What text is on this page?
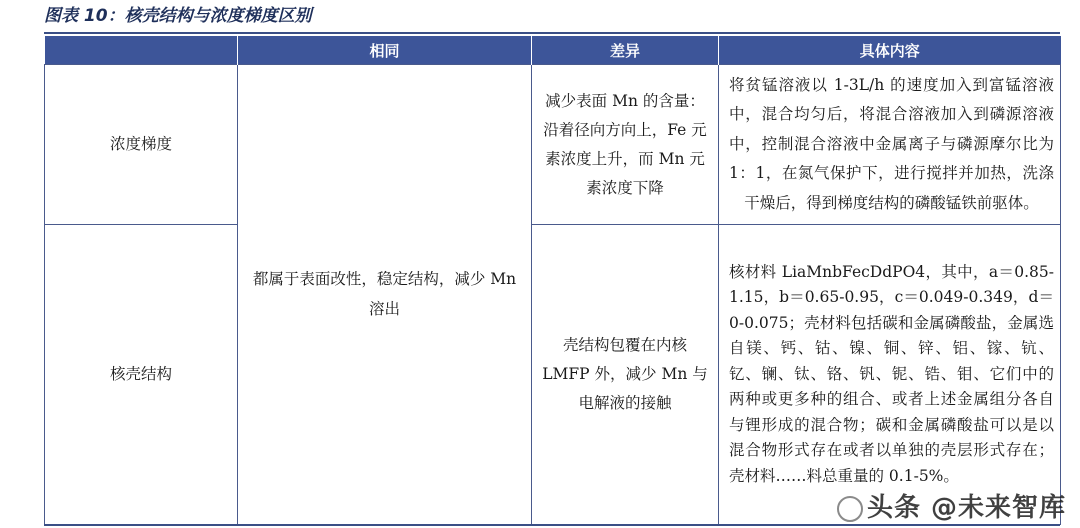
图表 10：核壳结构与浓度梯度区别
	相同	差异	具体内容
浓度梯度	都属于表面改性，稳定结构，减少 Mn 溶出	减少表面 Mn 的含量：沿着径向方向上，Fe 元素浓度上升，而 Mn 元素浓度下降	将贫锰溶液以 1-3L/h 的速度加入到富锰溶液中，混合均匀后，将混合溶液加入到磷源溶液中，控制混合溶液中金属离子与磷源摩尔比为 1：1，在氮气保护下，进行搅拌并加热，洗涤干燥后，得到梯度结构的磷酸锰铁前驱体。

核壳结构		壳结构包覆在内核 LMFP 外，减少 Mn 与电解液的接触	核材料 LiaMnbFecDdPO4，其中，a＝0.85-1.15，b＝0.65-0.95，c＝0.049-0.349，d＝0-0.075；壳材料包括碳和金属磷酸盐，金属选自镁、钙、钴、镍、铜、锌、铝、镓、钪、钇、镧、钛、铬、钒、铌、锆、钼、它们中的两种或更多种的组合、或者上述金属组分各自与锂形成的混合物；碳和金属磷酸盐可以是以混合物形式存在或者以单独的壳层形式存在；壳材料……料总重量的 0.1-5%。
头条 @未来智库
